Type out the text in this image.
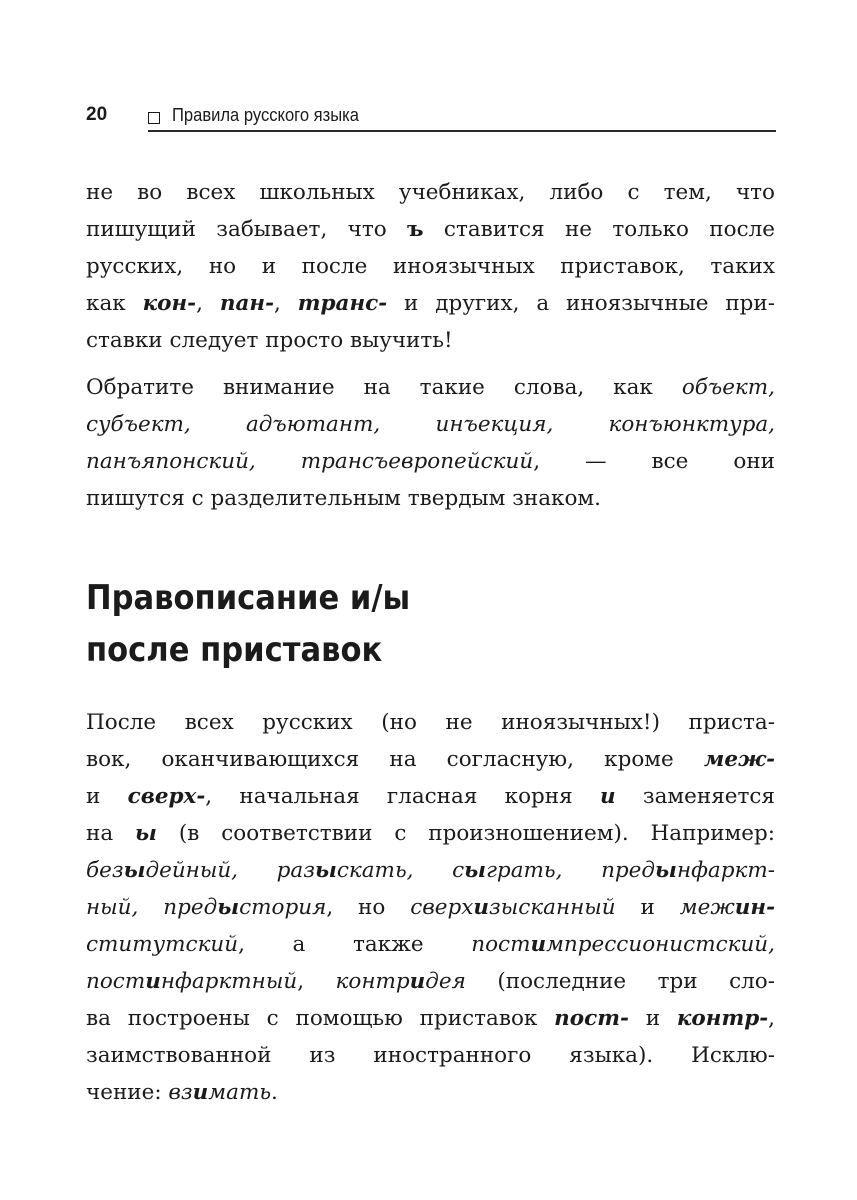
20	Правила русского языка
не во всех школьных учебниках, либо с тем, что
пишущий забывает, что ъ ставится не только после
русских, но и после иноязычных приставок, таких
как кон-, пан-, транс- и других, а иноязычные при-
ставки следует просто выучить!
Обратите внимание на такие слова, как объект,
субъект, адъютант, инъекция, конъюнктура,
панъяпонский, трансъевропейский, — все они
пишутся с разделительным твердым знаком.
Правописание и/ы
после приставок
После всех русских (но не иноязычных!) приста-
вок, оканчивающихся на согласную, кроме меж-
и сверх-, начальная гласная корня и заменяется
на ы (в соответствии с произношением). Например:
безыдейный, разыскать, сыграть, предынфаркт-
ный, предыстория, но сверхизысканный и межин-
ститутский, а также постимпрессионистский,
постинфарктный, контридея (последние три сло-
ва построены с помощью приставок пост- и контр-,
заимствованной из иностранного языка). Исклю-
чение: взимать.
